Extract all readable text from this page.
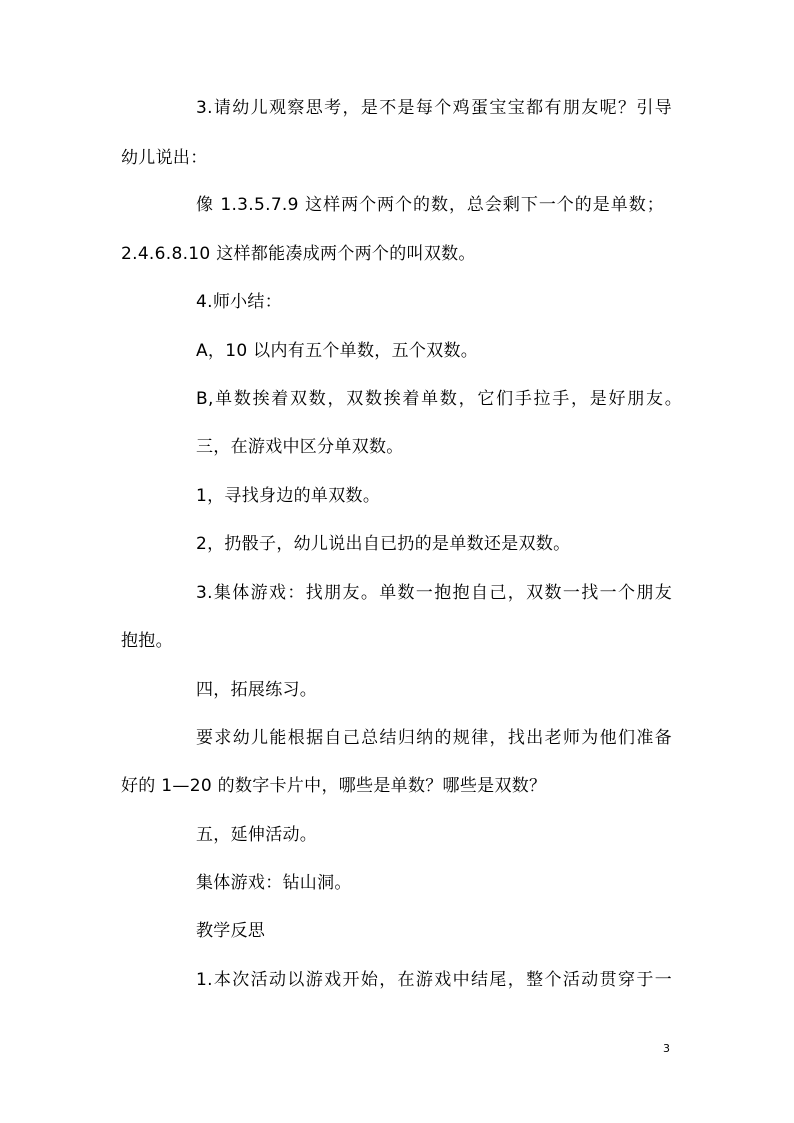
3.请幼儿观察思考，是不是每个鸡蛋宝宝都有朋友呢？引导
幼儿说出：
像 1.3.5.7.9 这样两个两个的数，总会剩下一个的是单数；
2.4.6.8.10 这样都能凑成两个两个的叫双数。
4.师小结：
A，10 以内有五个单数，五个双数。
B,单数挨着双数，双数挨着单数，它们手拉手，是好朋友。
三，在游戏中区分单双数。
1，寻找身边的单双数。
2，扔骰子，幼儿说出自已扔的是单数还是双数。
3.集体游戏：找朋友。单数一抱抱自己，双数一找一个朋友
抱抱。
四，拓展练习。
要求幼儿能根据自己总结归纳的规律，找出老师为他们准备
好的 1—20 的数字卡片中，哪些是单数？哪些是双数？
五，延伸活动。
集体游戏：钻山洞。
教学反思
1.本次活动以游戏开始，在游戏中结尾，整个活动贯穿于一
3
